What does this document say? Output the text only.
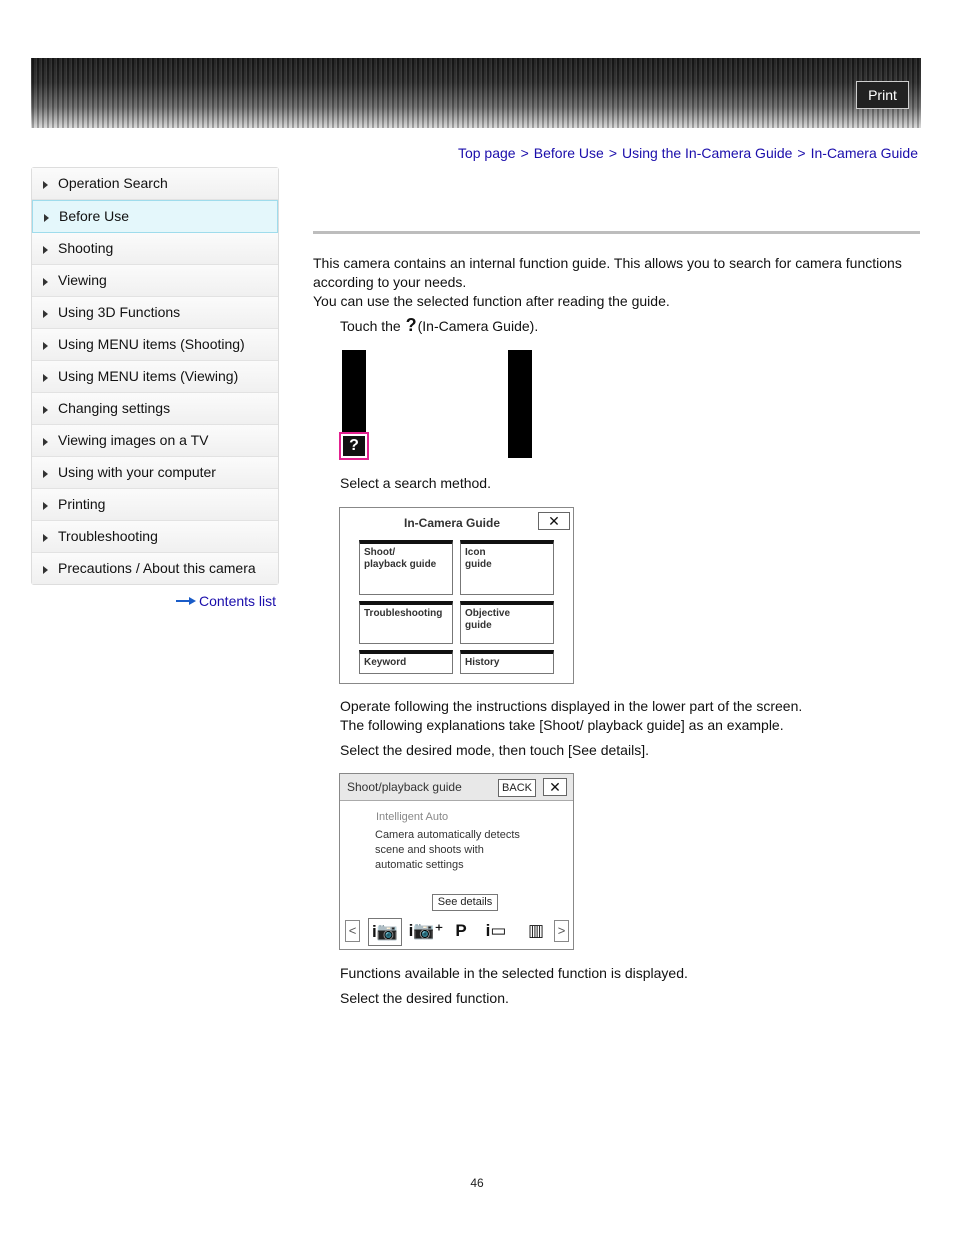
Print
Top page > Before Use > Using the In-Camera Guide > In-Camera Guide
Operation Search
Before Use
Shooting
Viewing
Using 3D Functions
Using MENU items (Shooting)
Using MENU items (Viewing)
Changing settings
Viewing images on a TV
Using with your computer
Printing
Troubleshooting
Precautions / About this camera
Contents list
This camera contains an internal function guide. This allows you to search for camera functions
according to your needs.
You can use the selected function after reading the guide.
Touch the ?(In-Camera Guide).
?
Select a search method.
In-Camera Guide	✕
Shoot/
playback guide
Icon
guide
Troubleshooting	Objective
guide
Keyword	History
Operate following the instructions displayed in the lower part of the screen.
The following explanations take [Shoot/ playback guide] as an example.
Select the desired mode, then touch [See details].
Shoot/playback guide	BACK	✕
Intelligent Auto
Camera automatically detects
scene and shoots with
automatic settings
See details
< i📷 i📷⁺ P	i▭	▥	>
Functions available in the selected function is displayed.
Select the desired function.
46
